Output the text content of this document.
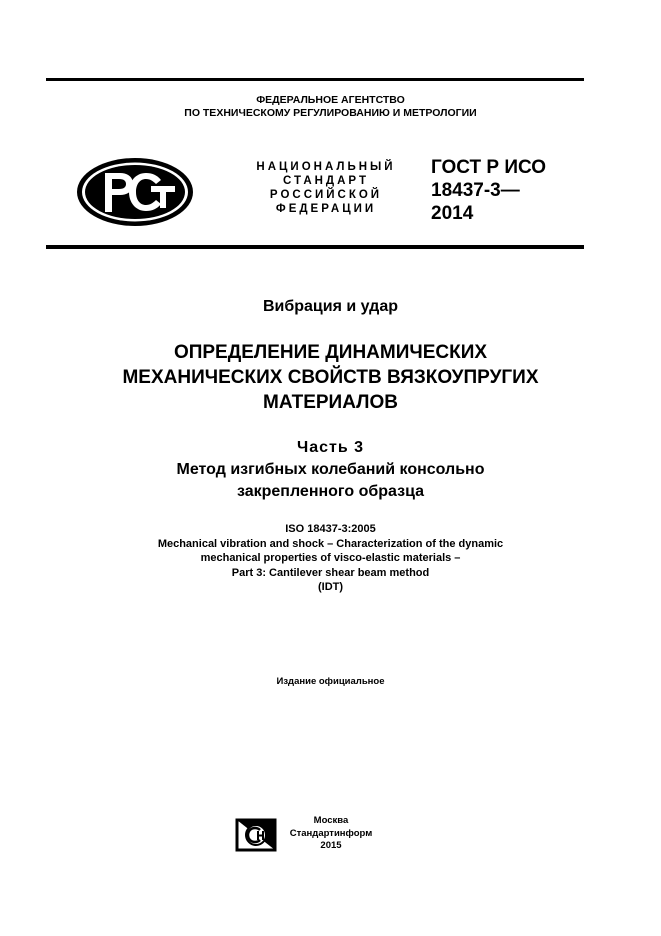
ФЕДЕРАЛЬНОЕ АГЕНТСТВО
ПО ТЕХНИЧЕСКОМУ РЕГУЛИРОВАНИЮ И МЕТРОЛОГИИ
НАЦИОНАЛЬНЫЙ
СТАНДАРТ
РОССИЙСКОЙ
ФЕДЕРАЦИИ
ГОСТ Р ИСО
18437-3—
2014
Вибрация и удар
ОПРЕДЕЛЕНИЕ ДИНАМИЧЕСКИХ
МЕХАНИЧЕСКИХ СВОЙСТВ ВЯЗКОУПРУГИХ
МАТЕРИАЛОВ
Часть 3
Метод изгибных колебаний консольно
закрепленного образца
ISO 18437-3:2005
Mechanical vibration and shock – Characterization of the dynamic
mechanical properties of visco-elastic materials –
Part 3: Cantilever shear beam method
(IDT)
Издание официальное
Москва
Стандартинформ
2015
